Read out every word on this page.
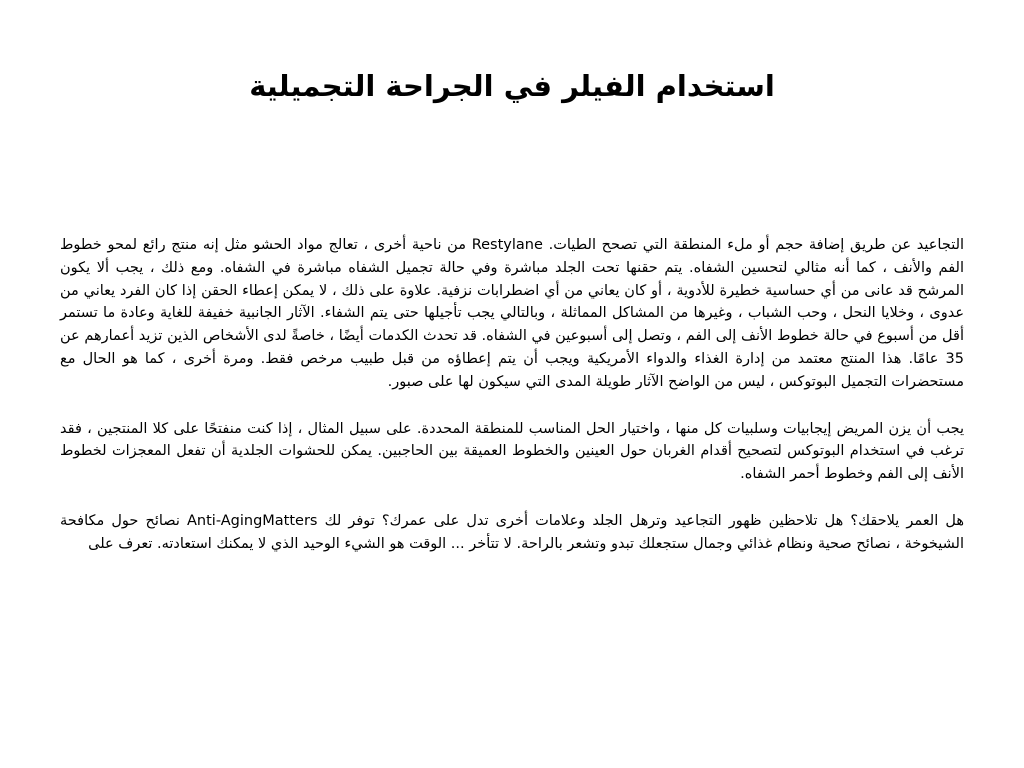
استخدام الفيلر في الجراحة التجميلية

التجاعيد عن طريق إضافة حجم أو ملء المنطقة التي تصحح الطيات. Restylane من ناحية أخرى ، تعالج مواد الحشو مثل إنه منتج رائع لمحو خطوط الفم والأنف ، كما أنه مثالي لتحسين الشفاه. يتم حقنها تحت الجلد مباشرة وفي حالة تجميل الشفاه مباشرة في الشفاه. ومع ذلك ، يجب ألا يكون المرشح قد عانى من أي حساسية خطيرة للأدوية ، أو كان يعاني من أي اضطرابات نزفية. علاوة على ذلك ، لا يمكن إعطاء الحقن إذا كان الفرد يعاني من عدوى ، وخلايا النحل ، وحب الشباب ، وغيرها من المشاكل المماثلة ، وبالتالي يجب تأجيلها حتى يتم الشفاء. الآثار الجانبية خفيفة للغاية وعادة ما تستمر أقل من أسبوع في حالة خطوط الأنف إلى الفم ، وتصل إلى أسبوعين في الشفاه. قد تحدث الكدمات أيضًا ، خاصةً لدى الأشخاص الذين تزيد أعمارهم عن 35 عامًا. هذا المنتج معتمد من إدارة الغذاء والدواء الأمريكية ويجب أن يتم إعطاؤه من قبل طبيب مرخص فقط. ومرة أخرى ، كما هو الحال مع مستحضرات التجميل البوتوكس ، ليس من الواضح الآثار طويلة المدى التي سيكون لها على صبور.

يجب أن يزن المريض إيجابيات وسلبيات كل منها ، واختيار الحل المناسب للمنطقة المحددة. على سبيل المثال ، إذا كنت منفتحًا على كلا المنتجين ، فقد ترغب في استخدام البوتوكس لتصحيح أقدام الغربان حول العينين والخطوط العميقة بين الحاجبين. يمكن للحشوات الجلدية أن تفعل المعجزات لخطوط الأنف إلى الفم وخطوط أحمر الشفاه.

هل العمر يلاحقك؟ هل تلاحظين ظهور التجاعيد وترهل الجلد وعلامات أخرى تدل على عمرك؟ توفر لك Anti-AgingMatters نصائح حول مكافحة الشيخوخة ، نصائح صحية ونظام غذائي وجمال ستجعلك تبدو وتشعر بالراحة. لا تتأخر ... الوقت هو الشيء الوحيد الذي لا يمكنك استعادته. تعرف على
